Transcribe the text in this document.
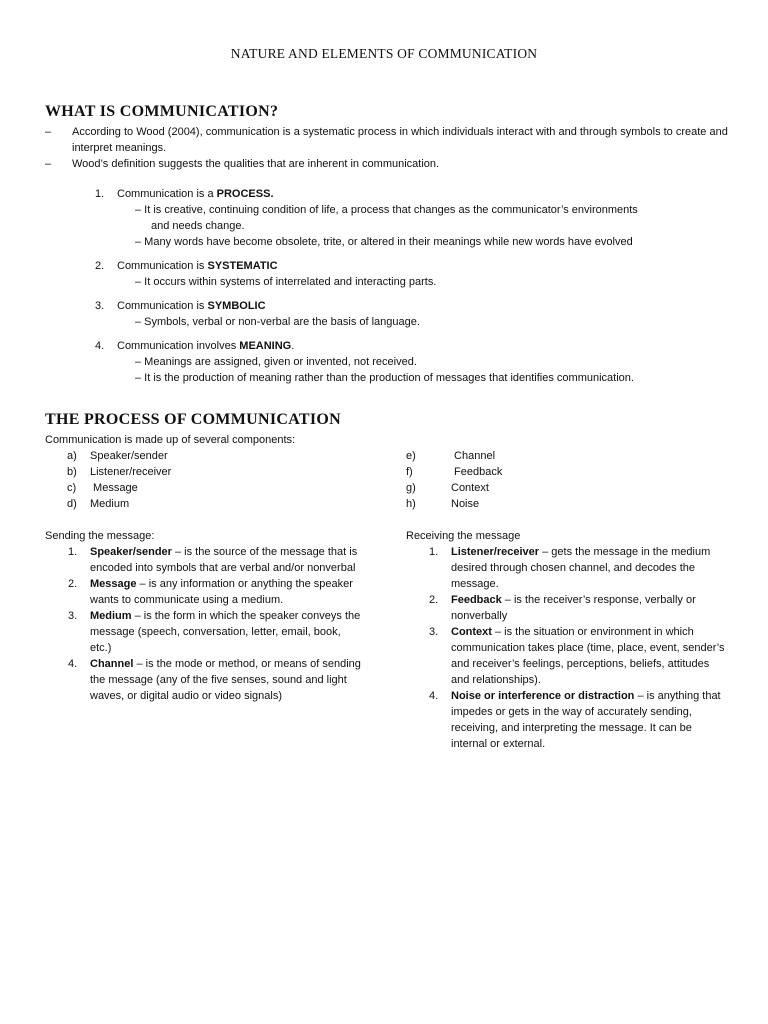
NATURE AND ELEMENTS OF COMMUNICATION
WHAT IS COMMUNICATION?
–	According to Wood (2004), communication is a systematic process in which individuals interact with and through symbols to create and interpret meanings.
–	Wood’s definition suggests the qualities that are inherent in communication.
1.	Communication is a PROCESS.
– It is creative, continuing condition of life, a process that changes as the communicator’s environments
and needs change.
– Many words have become obsolete, trite, or altered in their meanings while new words have evolved
2.	Communication is SYSTEMATIC
– It occurs within systems of interrelated and interacting parts.
3.	Communication is SYMBOLIC
– Symbols, verbal or non-verbal are the basis of language.
4.	Communication involves MEANING.
– Meanings are assigned, given or invented, not received.
– It is the production of meaning rather than the production of messages that identifies communication.
THE PROCESS OF COMMUNICATION
Communication is made up of several components:
a)	Speaker/sender
b)	Listener/receiver
c)	Message
d)	Medium
e)	Channel
f)	Feedback
g)	Context
h)	Noise
Sending the message:
1.	Speaker/sender – is the source of the message that is encoded into symbols that are verbal and/or nonverbal
2.	Message – is any information or anything the speaker wants to communicate using a medium.
3.	Medium – is the form in which the speaker conveys the message (speech, conversation, letter, email, book, etc.)
4.	Channel – is the mode or method, or means of sending the message (any of the five senses, sound and light waves, or digital audio or video signals)
Receiving the message
1.	Listener/receiver – gets the message in the medium desired through chosen channel, and decodes the message.
2.	Feedback – is the receiver’s response, verbally or nonverbally
3.	Context – is the situation or environment in which communication takes place (time, place, event, sender’s and receiver’s feelings, perceptions, beliefs, attitudes and relationships).
4.	Noise or interference or distraction – is anything that impedes or gets in the way of accurately sending, receiving, and interpreting the message. It can be internal or external.
